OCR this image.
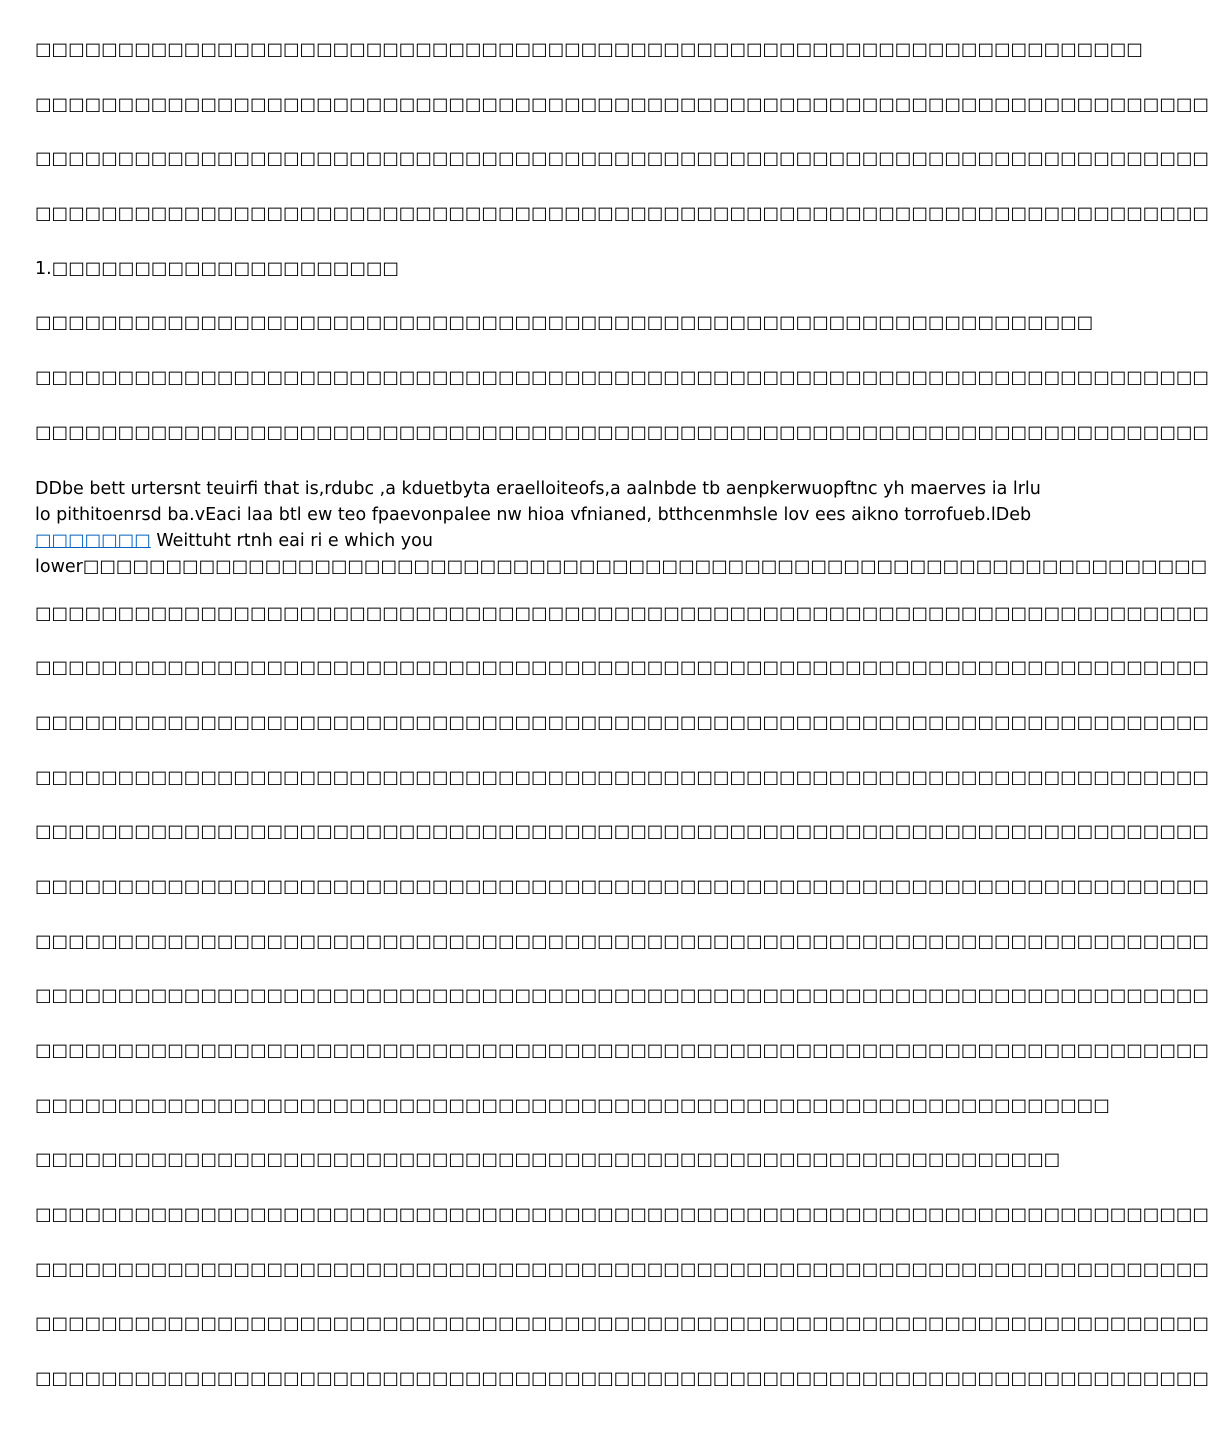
□□□□□□□□□□□□□□□□□□□□□□□□□□□□□□□□□□□□□□□□□□□□□□□□□□□□□□□□□□□□□□□□□□□
□□□□□□□□□□□□□□□□□□□□□□□□□□□□□□□□□□□□□□□□□□□□□□□□□□□□□□□□□□□□□□□□□□□□□□□
□□□□□□□□□□□□□□□□□□□□□□□□□□□□□□□□□□□□□□□□□□□□□□□□□□□□□□□□□□□□□□□□□□□□□□□
□□□□□□□□□□□□□□□□□□□□□□□□□□□□□□□□□□□□□□□□□□□□□□□□□□□□□□□□□□□□□□□□□□□□□□□
1.□□□□□□□□□□□□□□□□□□□□□
□□□□□□□□□□□□□□□□□□□□□□□□□□□□□□□□□□□□□□□□□□□□□□□□□□□□□□□□□□□□□□□□
□□□□□□□□□□□□□□□□□□□□□□□□□□□□□□□□□□□□□□□□□□□□□□□□□□□□□□□□□□□□□□□□□□□□□□□
□□□□□□□□□□□□□□□□□□□□□□□□□□□□□□□□□□□□□□□□□□□□□□□□□□□□□□□□□□□□□□□□□□□□□□□
DDbe bett urtersnt teuirfi that is,rdubc ,a kduetbyta eraelloiteofs,a aalnbde tb aenpkerwuopftnc yh maerves ia lrlu
lo pithitoenrsd ba.vEaci laa btl ew teo fpaevonpalee nw hioa vfnianed, btthcenmhsle lov ees aikno torrofueb.lDeb
□□□□□□□ Weittuht rtnh eai ri e which you
lower□□□□□□□□□□□□□□□□□□□□□□□□□□□□□□□□□□□□□□□□□□□□□□□□□□□□□□□□□□□□□□□□□□□□
□□□□□□□□□□□□□□□□□□□□□□□□□□□□□□□□□□□□□□□□□□□□□□□□□□□□□□□□□□□□□□□□□□□□□□□
□□□□□□□□□□□□□□□□□□□□□□□□□□□□□□□□□□□□□□□□□□□□□□□□□□□□□□□□□□□□□□□□□□□□□□□
□□□□□□□□□□□□□□□□□□□□□□□□□□□□□□□□□□□□□□□□□□□□□□□□□□□□□□□□□□□□□□□□□□□□□□□
□□□□□□□□□□□□□□□□□□□□□□□□□□□□□□□□□□□□□□□□□□□□□□□□□□□□□□□□□□□□□□□□□□□□□□□
□□□□□□□□□□□□□□□□□□□□□□□□□□□□□□□□□□□□□□□□□□□□□□□□□□□□□□□□□□□□□□□□□□□□□□□
□□□□□□□□□□□□□□□□□□□□□□□□□□□□□□□□□□□□□□□□□□□□□□□□□□□□□□□□□□□□□□□□□□□□□□□
□□□□□□□□□□□□□□□□□□□□□□□□□□□□□□□□□□□□□□□□□□□□□□□□□□□□□□□□□□□□□□□□□□□□□□□
□□□□□□□□□□□□□□□□□□□□□□□□□□□□□□□□□□□□□□□□□□□□□□□□□□□□□□□□□□□□□□□□□□□□□□□
□□□□□□□□□□□□□□□□□□□□□□□□□□□□□□□□□□□□□□□□□□□□□□□□□□□□□□□□□□□□□□□□□□□□□□□
□□□□□□□□□□□□□□□□□□□□□□□□□□□□□□□□□□□□□□□□□□□□□□□□□□□□□□□□□□□□□□□□□
□□□□□□□□□□□□□□□□□□□□□□□□□□□□□□□□□□□□□□□□□□□□□□□□□□□□□□□□□□□□□□
□□□□□□□□□□□□□□□□□□□□□□□□□□□□□□□□□□□□□□□□□□□□□□□□□□□□□□□□□□□□□□□□□□□□□□□
□□□□□□□□□□□□□□□□□□□□□□□□□□□□□□□□□□□□□□□□□□□□□□□□□□□□□□□□□□□□□□□□□□□□□□□
□□□□□□□□□□□□□□□□□□□□□□□□□□□□□□□□□□□□□□□□□□□□□□□□□□□□□□□□□□□□□□□□□□□□□□□
□□□□□□□□□□□□□□□□□□□□□□□□□□□□□□□□□□□□□□□□□□□□□□□□□□□□□□□□□□□□□□□□□□□□□□□
